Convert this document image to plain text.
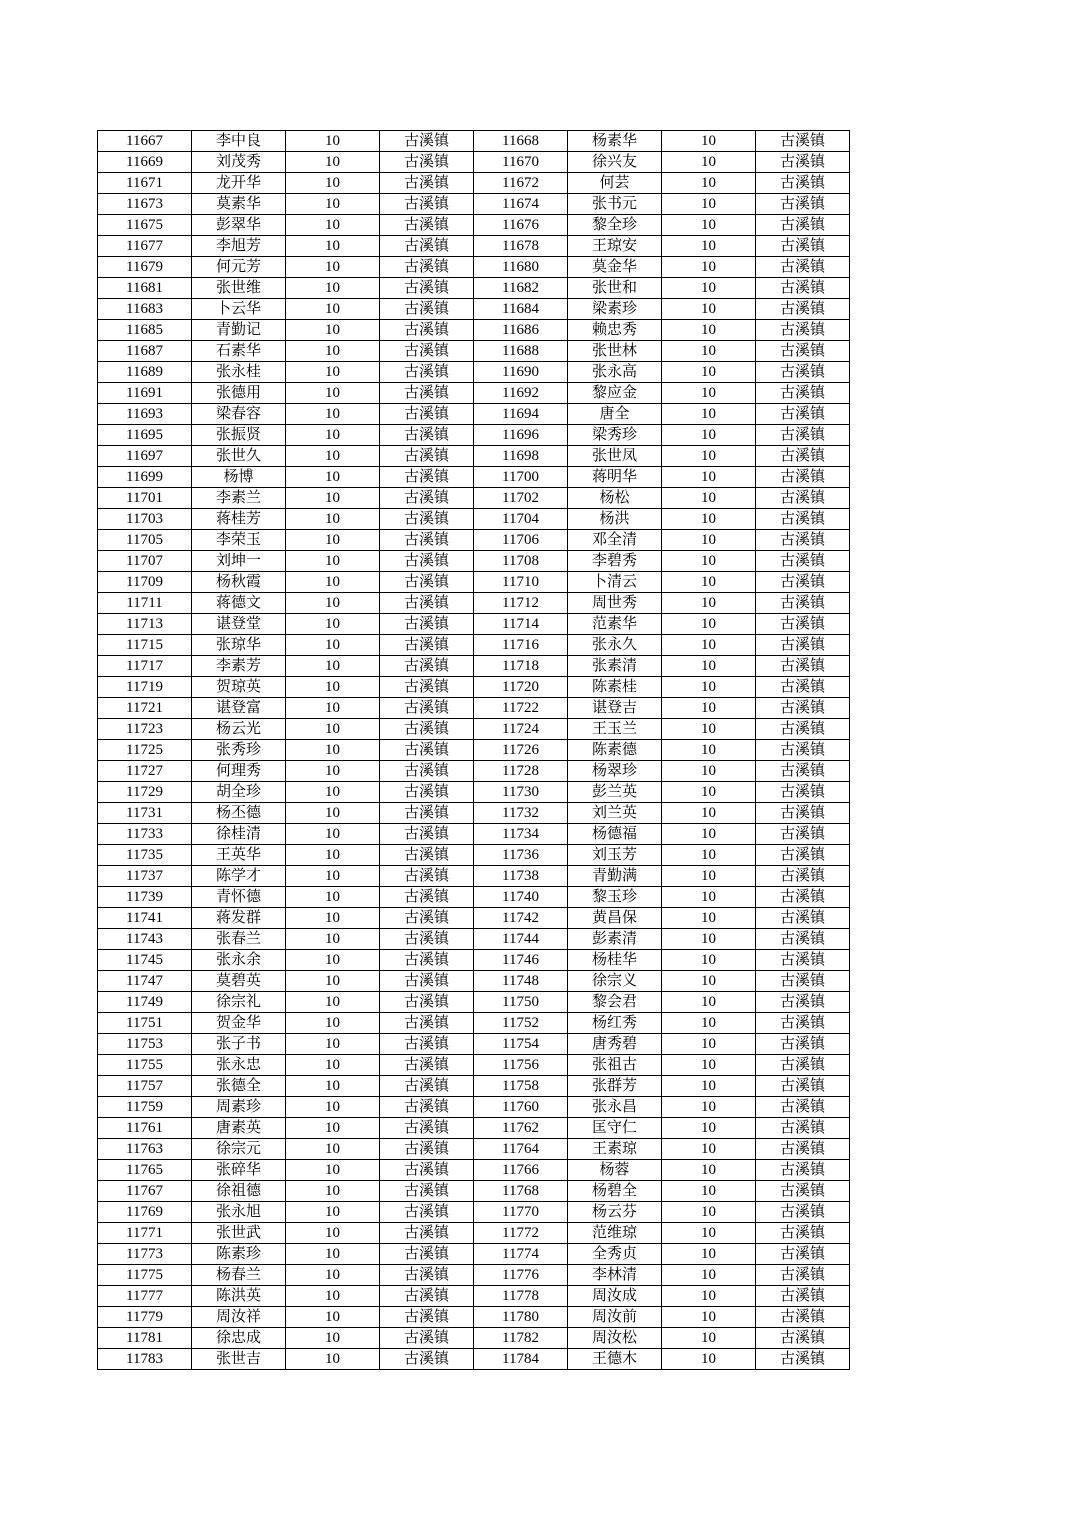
11667	李中良	10	古溪镇	11668	杨素华	10	古溪镇
11669	刘茂秀	10	古溪镇	11670	徐兴友	10	古溪镇
11671	龙开华	10	古溪镇	11672	何芸	10	古溪镇
11673	莫素华	10	古溪镇	11674	张书元	10	古溪镇
11675	彭翠华	10	古溪镇	11676	黎全珍	10	古溪镇
11677	李旭芳	10	古溪镇	11678	王琼安	10	古溪镇
11679	何元芳	10	古溪镇	11680	莫金华	10	古溪镇
11681	张世维	10	古溪镇	11682	张世和	10	古溪镇
11683	卜云华	10	古溪镇	11684	梁素珍	10	古溪镇
11685	青勤记	10	古溪镇	11686	赖忠秀	10	古溪镇
11687	石素华	10	古溪镇	11688	张世林	10	古溪镇
11689	张永桂	10	古溪镇	11690	张永高	10	古溪镇
11691	张德用	10	古溪镇	11692	黎应金	10	古溪镇
11693	梁春容	10	古溪镇	11694	唐全	10	古溪镇
11695	张振贤	10	古溪镇	11696	梁秀珍	10	古溪镇
11697	张世久	10	古溪镇	11698	张世凤	10	古溪镇
11699	杨博	10	古溪镇	11700	蒋明华	10	古溪镇
11701	李素兰	10	古溪镇	11702	杨松	10	古溪镇
11703	蒋桂芳	10	古溪镇	11704	杨洪	10	古溪镇
11705	李荣玉	10	古溪镇	11706	邓全清	10	古溪镇
11707	刘坤一	10	古溪镇	11708	李碧秀	10	古溪镇
11709	杨秋霞	10	古溪镇	11710	卜清云	10	古溪镇
11711	蒋德文	10	古溪镇	11712	周世秀	10	古溪镇
11713	谌登堂	10	古溪镇	11714	范素华	10	古溪镇
11715	张琼华	10	古溪镇	11716	张永久	10	古溪镇
11717	李素芳	10	古溪镇	11718	张素清	10	古溪镇
11719	贺琼英	10	古溪镇	11720	陈素桂	10	古溪镇
11721	谌登富	10	古溪镇	11722	谌登吉	10	古溪镇
11723	杨云光	10	古溪镇	11724	王玉兰	10	古溪镇
11725	张秀珍	10	古溪镇	11726	陈素德	10	古溪镇
11727	何理秀	10	古溪镇	11728	杨翠珍	10	古溪镇
11729	胡全珍	10	古溪镇	11730	彭兰英	10	古溪镇
11731	杨丕德	10	古溪镇	11732	刘兰英	10	古溪镇
11733	徐桂清	10	古溪镇	11734	杨德福	10	古溪镇
11735	王英华	10	古溪镇	11736	刘玉芳	10	古溪镇
11737	陈学才	10	古溪镇	11738	青勤满	10	古溪镇
11739	青怀德	10	古溪镇	11740	黎玉珍	10	古溪镇
11741	蒋发群	10	古溪镇	11742	黄昌保	10	古溪镇
11743	张春兰	10	古溪镇	11744	彭素清	10	古溪镇
11745	张永余	10	古溪镇	11746	杨桂华	10	古溪镇
11747	莫碧英	10	古溪镇	11748	徐宗义	10	古溪镇
11749	徐宗礼	10	古溪镇	11750	黎会君	10	古溪镇
11751	贺金华	10	古溪镇	11752	杨红秀	10	古溪镇
11753	张子书	10	古溪镇	11754	唐秀碧	10	古溪镇
11755	张永忠	10	古溪镇	11756	张祖古	10	古溪镇
11757	张德全	10	古溪镇	11758	张群芳	10	古溪镇
11759	周素珍	10	古溪镇	11760	张永昌	10	古溪镇
11761	唐素英	10	古溪镇	11762	匡守仁	10	古溪镇
11763	徐宗元	10	古溪镇	11764	王素琼	10	古溪镇
11765	张碎华	10	古溪镇	11766	杨蓉	10	古溪镇
11767	徐祖德	10	古溪镇	11768	杨碧全	10	古溪镇
11769	张永旭	10	古溪镇	11770	杨云芬	10	古溪镇
11771	张世武	10	古溪镇	11772	范维琼	10	古溪镇
11773	陈素珍	10	古溪镇	11774	全秀贞	10	古溪镇
11775	杨春兰	10	古溪镇	11776	李林清	10	古溪镇
11777	陈洪英	10	古溪镇	11778	周汝成	10	古溪镇
11779	周汝祥	10	古溪镇	11780	周汝前	10	古溪镇
11781	徐忠成	10	古溪镇	11782	周汝松	10	古溪镇
11783	张世吉	10	古溪镇	11784	王德木	10	古溪镇
